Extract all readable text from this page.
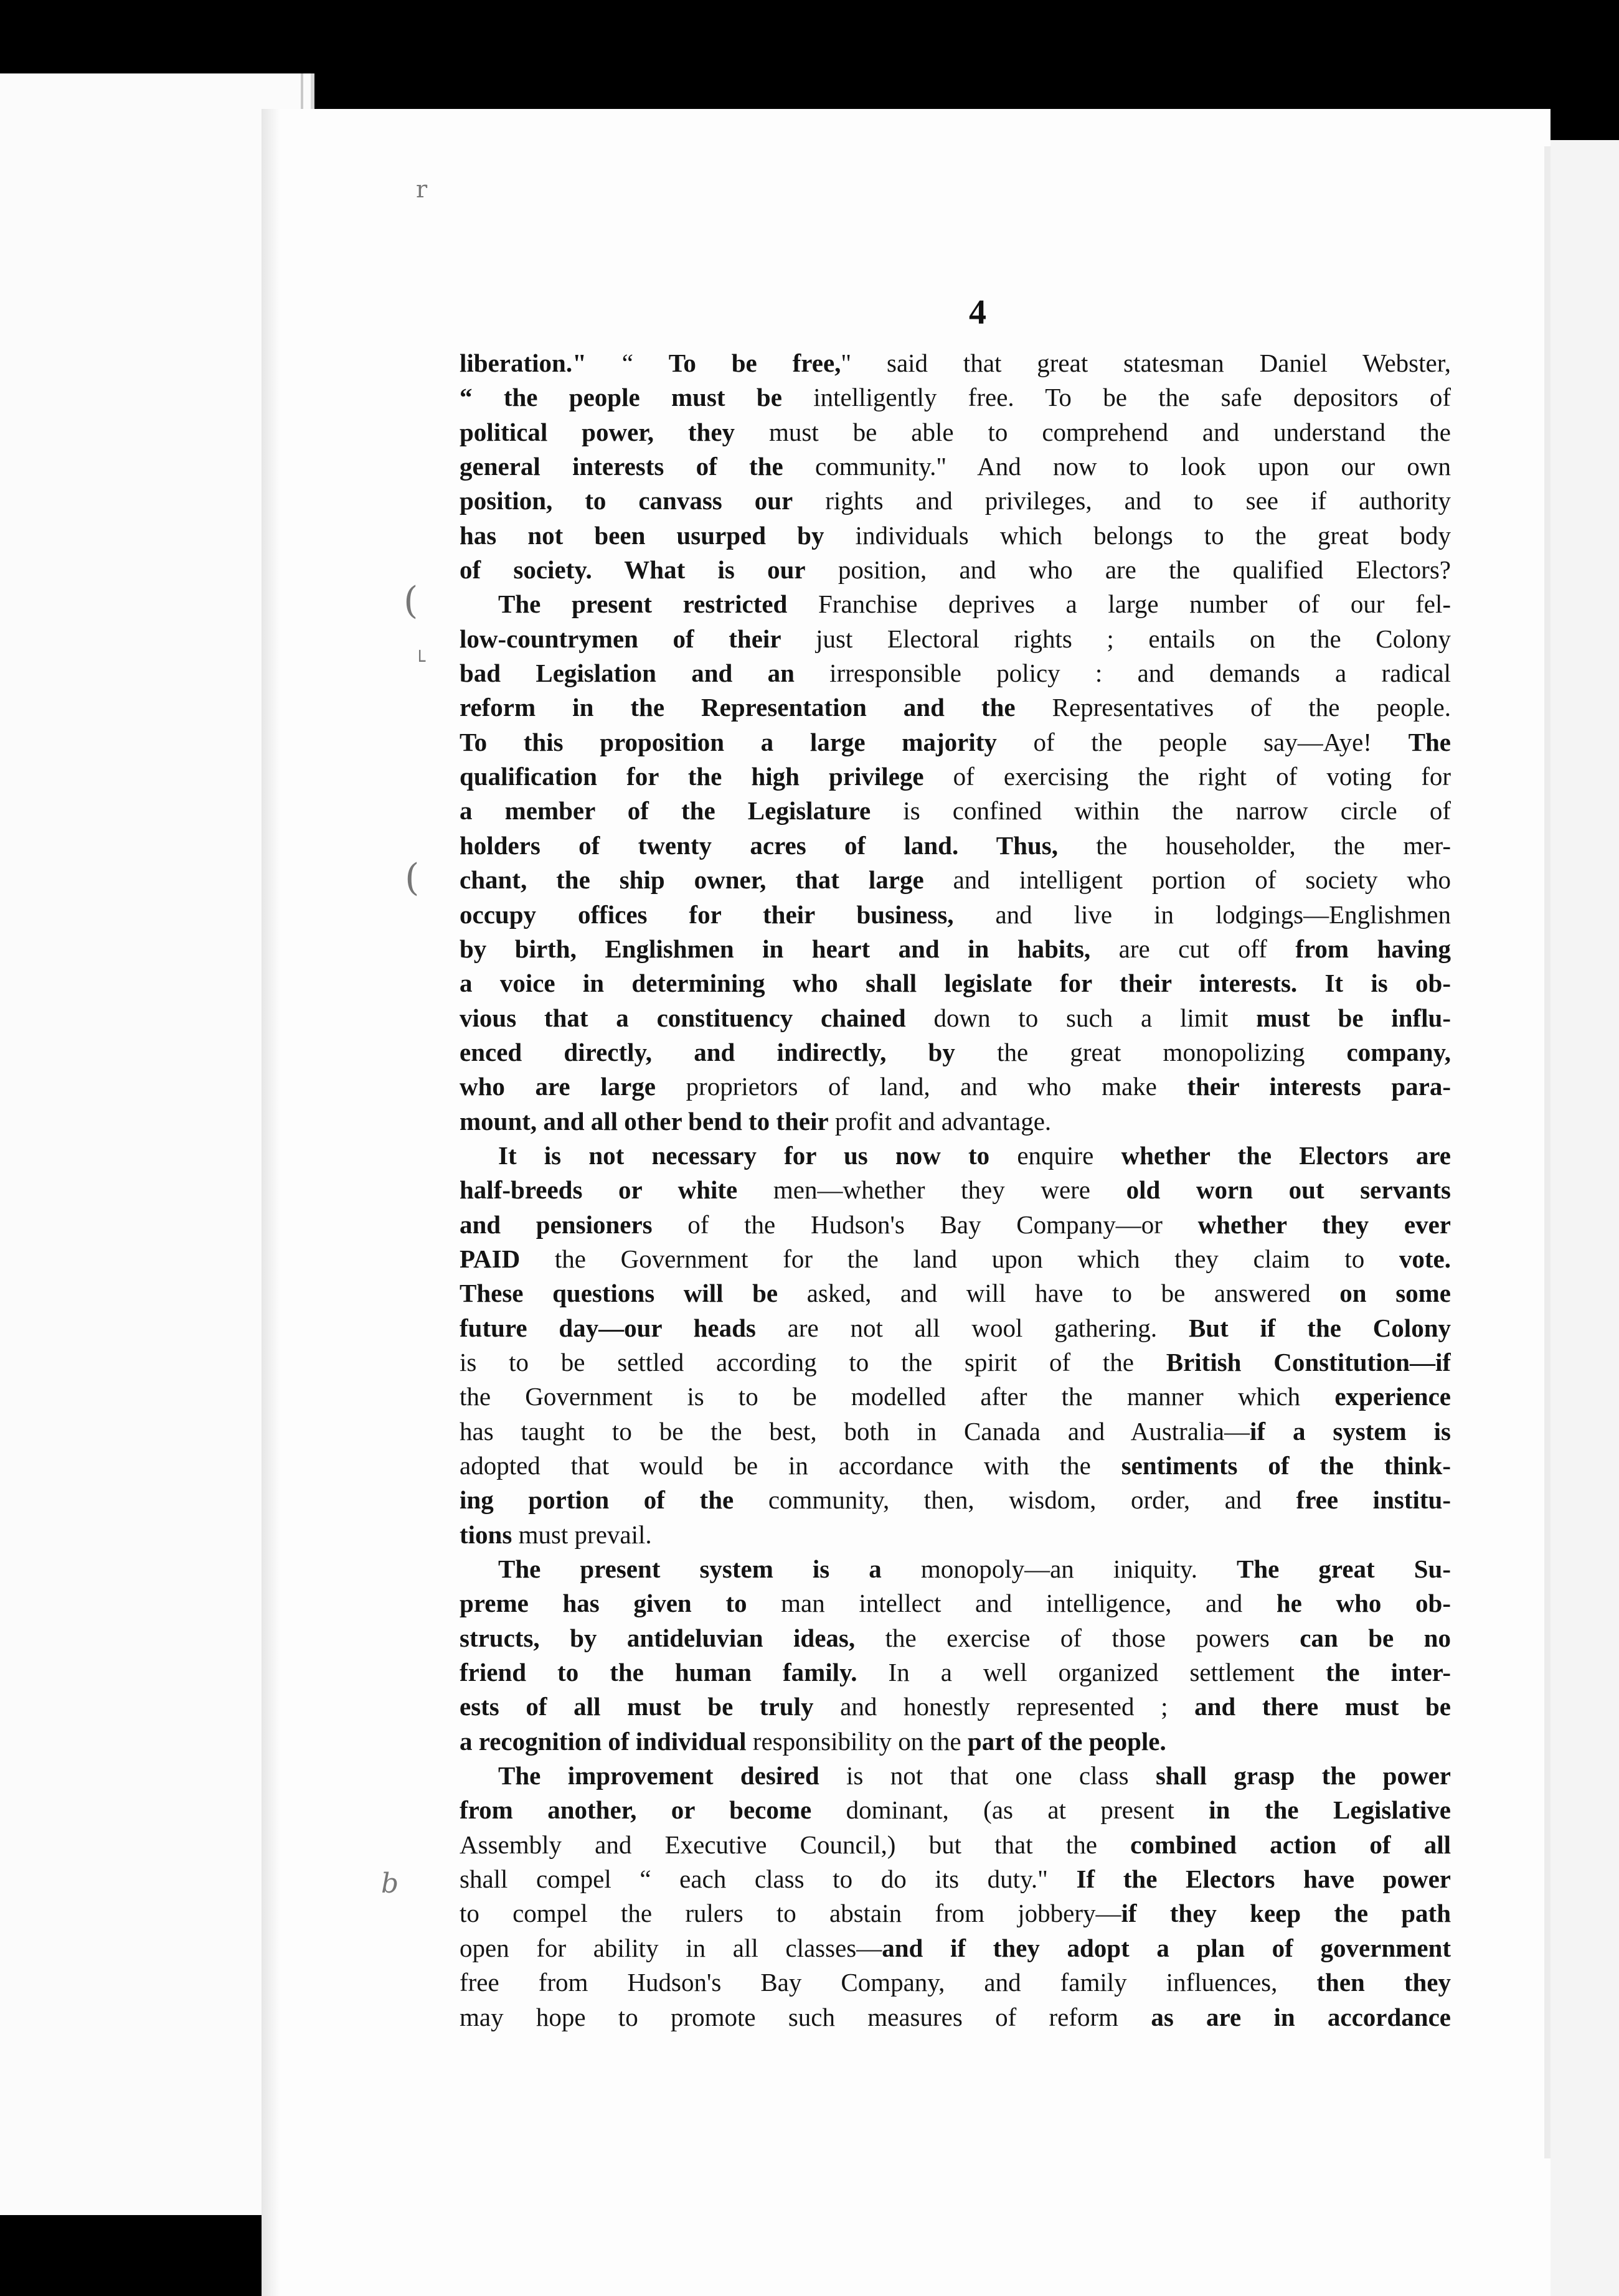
4
r
(
└
(
b
liberation." “ To be free," said that great statesman Daniel Webster,
“ the people must be intelligently free. To be the safe depositors of
political power, they must be able to comprehend and understand the
general interests of the community." And now to look upon our own
position, to canvass our rights and privileges, and to see if authority
has not been usurped by individuals which belongs to the great body
of society. What is our position, and who are the qualified Electors?
The present restricted Franchise deprives a large number of our fel-
low-countrymen of their just Electoral rights ; entails on the Colony
bad Legislation and an irresponsible policy : and demands a radical
reform in the Representation and the Representatives of the people.
To this proposition a large majority of the people say—Aye! The
qualification for the high privilege of exercising the right of voting for
a member of the Legislature is confined within the narrow circle of
holders of twenty acres of land. Thus, the householder, the mer-
chant, the ship owner, that large and intelligent portion of society who
occupy offices for their business, and live in lodgings—Englishmen
by birth, Englishmen in heart and in habits, are cut off from having
a voice in determining who shall legislate for their interests. It is ob-
vious that a constituency chained down to such a limit must be influ-
enced directly, and indirectly, by the great monopolizing company,
who are large proprietors of land, and who make their interests para-
mount, and all other bend to their profit and advantage.
It is not necessary for us now to enquire whether the Electors are
half-breeds or white men—whether they were old worn out servants
and pensioners of the Hudson's Bay Company—or whether they ever
PAID the Government for the land upon which they claim to vote.
These questions will be asked, and will have to be answered on some
future day—our heads are not all wool gathering. But if the Colony
is to be settled according to the spirit of the British Constitution—if
the Government is to be modelled after the manner which experience
has taught to be the best, both in Canada and Australia—if a system is
adopted that would be in accordance with the sentiments of the think-
ing portion of the community, then, wisdom, order, and free institu-
tions must prevail.
The present system is a monopoly—an iniquity. The great Su-
preme has given to man intellect and intelligence, and he who ob-
structs, by antideluvian ideas, the exercise of those powers can be no
friend to the human family. In a well organized settlement the inter-
ests of all must be truly and honestly represented ; and there must be
a recognition of individual responsibility on the part of the people.
The improvement desired is not that one class shall grasp the power
from another, or become dominant, (as at present in the Legislative
Assembly and Executive Council,) but that the combined action of all
shall compel “ each class to do its duty." If the Electors have power
to compel the rulers to abstain from jobbery—if they keep the path
open for ability in all classes—and if they adopt a plan of government
free from Hudson's Bay Company, and family influences, then they
may hope to promote such measures of reform as are in accordance
